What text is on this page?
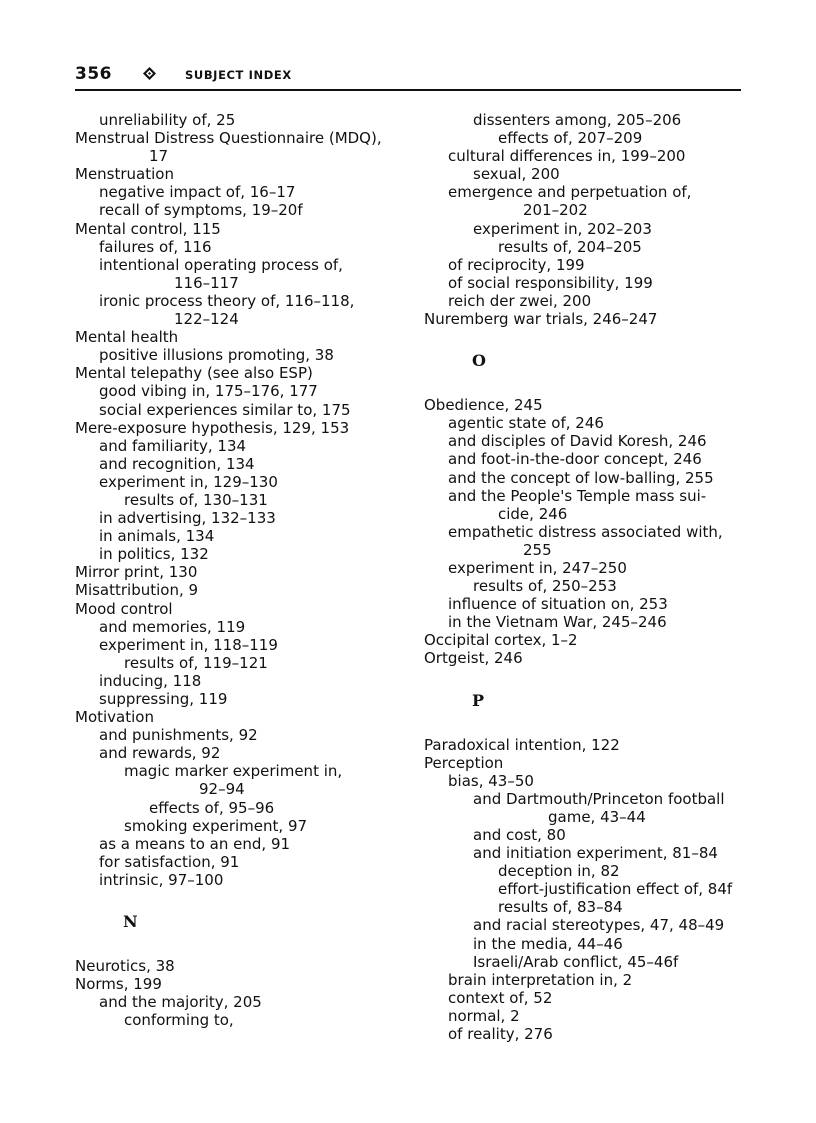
356	SUBJECT INDEX
unreliability of, 25
Menstrual Distress Questionnaire (MDQ),
17
Menstruation
negative impact of, 16–17
recall of symptoms, 19–20f
Mental control, 115
failures of, 116
intentional operating process of,
116–117
ironic process theory of, 116–118,
122–124
Mental health
positive illusions promoting, 38
Mental telepathy (see also ESP)
good vibing in, 175–176, 177
social experiences similar to, 175
Mere-exposure hypothesis, 129, 153
and familiarity, 134
and recognition, 134
experiment in, 129–130
results of, 130–131
in advertising, 132–133
in animals, 134
in politics, 132
Mirror print, 130
Misattribution, 9
Mood control
and memories, 119
experiment in, 118–119
results of, 119–121
inducing, 118
suppressing, 119
Motivation
and punishments, 92
and rewards, 92
magic marker experiment in,
92–94
effects of, 95–96
smoking experiment, 97
as a means to an end, 91
for satisfaction, 91
intrinsic, 97–100
N
Neurotics, 38
Norms, 199
and the majority, 205
conforming to,
dissenters among, 205–206
effects of, 207–209
cultural differences in, 199–200
sexual, 200
emergence and perpetuation of,
201–202
experiment in, 202–203
results of, 204–205
of reciprocity, 199
of social responsibility, 199
reich der zwei, 200
Nuremberg war trials, 246–247
O
Obedience, 245
agentic state of, 246
and disciples of David Koresh, 246
and foot-in-the-door concept, 246
and the concept of low-balling, 255
and the People's Temple mass sui-
cide, 246
empathetic distress associated with,
255
experiment in, 247–250
results of, 250–253
influence of situation on, 253
in the Vietnam War, 245–246
Occipital cortex, 1–2
Ortgeist, 246
P
Paradoxical intention, 122
Perception
bias, 43–50
and Dartmouth/Princeton football
game, 43–44
and cost, 80
and initiation experiment, 81–84
deception in, 82
effort-justification effect of, 84f
results of, 83–84
and racial stereotypes, 47, 48–49
in the media, 44–46
Israeli/Arab conflict, 45–46f
brain interpretation in, 2
context of, 52
normal, 2
of reality, 276
